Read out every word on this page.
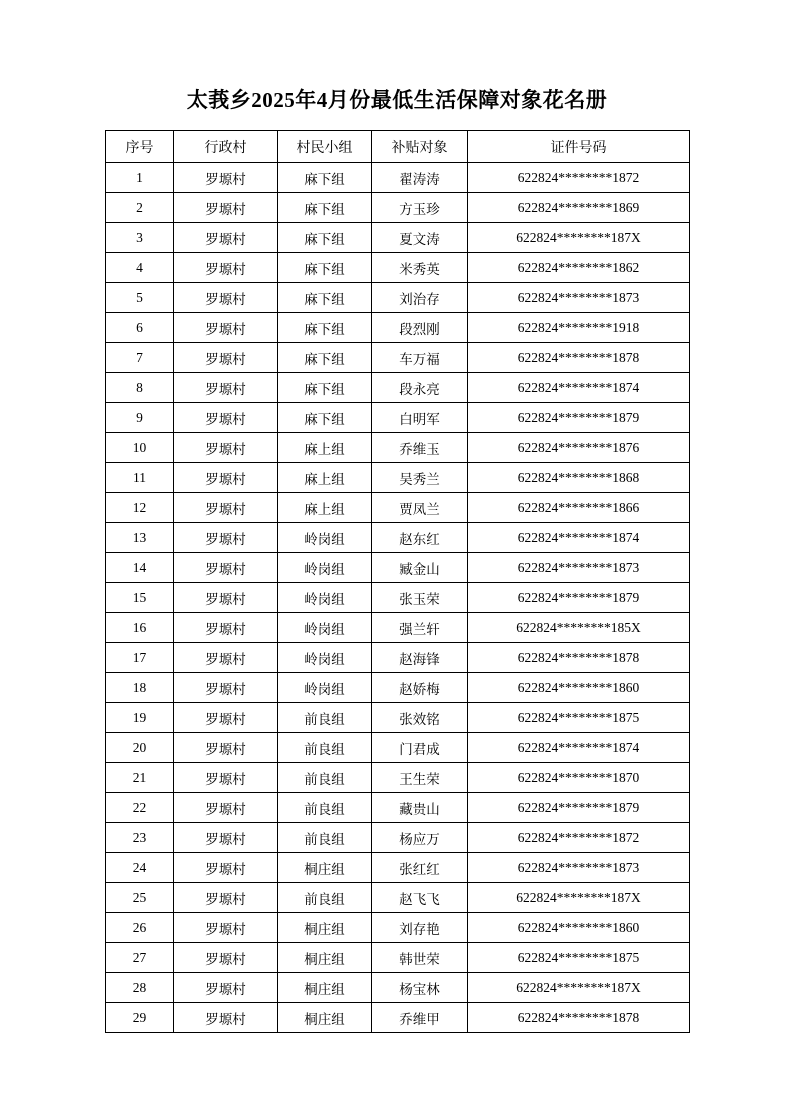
太莪乡2025年4月份最低生活保障对象花名册
序号	行政村	村民小组	补贴对象	证件号码
1	罗塬村	麻下组	翟涛涛	622824********1872
2	罗塬村	麻下组	方玉珍	622824********1869
3	罗塬村	麻下组	夏文涛	622824********187X
4	罗塬村	麻下组	米秀英	622824********1862
5	罗塬村	麻下组	刘治存	622824********1873
6	罗塬村	麻下组	段烈刚	622824********1918
7	罗塬村	麻下组	车万福	622824********1878
8	罗塬村	麻下组	段永亮	622824********1874
9	罗塬村	麻下组	白明军	622824********1879
10	罗塬村	麻上组	乔维玉	622824********1876
11	罗塬村	麻上组	吴秀兰	622824********1868
12	罗塬村	麻上组	贾凤兰	622824********1866
13	罗塬村	岭岗组	赵东红	622824********1874
14	罗塬村	岭岗组	臧金山	622824********1873
15	罗塬村	岭岗组	张玉荣	622824********1879
16	罗塬村	岭岗组	强兰轩	622824********185X
17	罗塬村	岭岗组	赵海锋	622824********1878
18	罗塬村	岭岗组	赵娇梅	622824********1860
19	罗塬村	前良组	张效铭	622824********1875
20	罗塬村	前良组	门君成	622824********1874
21	罗塬村	前良组	王生荣	622824********1870
22	罗塬村	前良组	藏贵山	622824********1879
23	罗塬村	前良组	杨应万	622824********1872
24	罗塬村	桐庄组	张红红	622824********1873
25	罗塬村	前良组	赵飞飞	622824********187X
26	罗塬村	桐庄组	刘存艳	622824********1860
27	罗塬村	桐庄组	韩世荣	622824********1875
28	罗塬村	桐庄组	杨宝林	622824********187X
29	罗塬村	桐庄组	乔维甲	622824********1878
